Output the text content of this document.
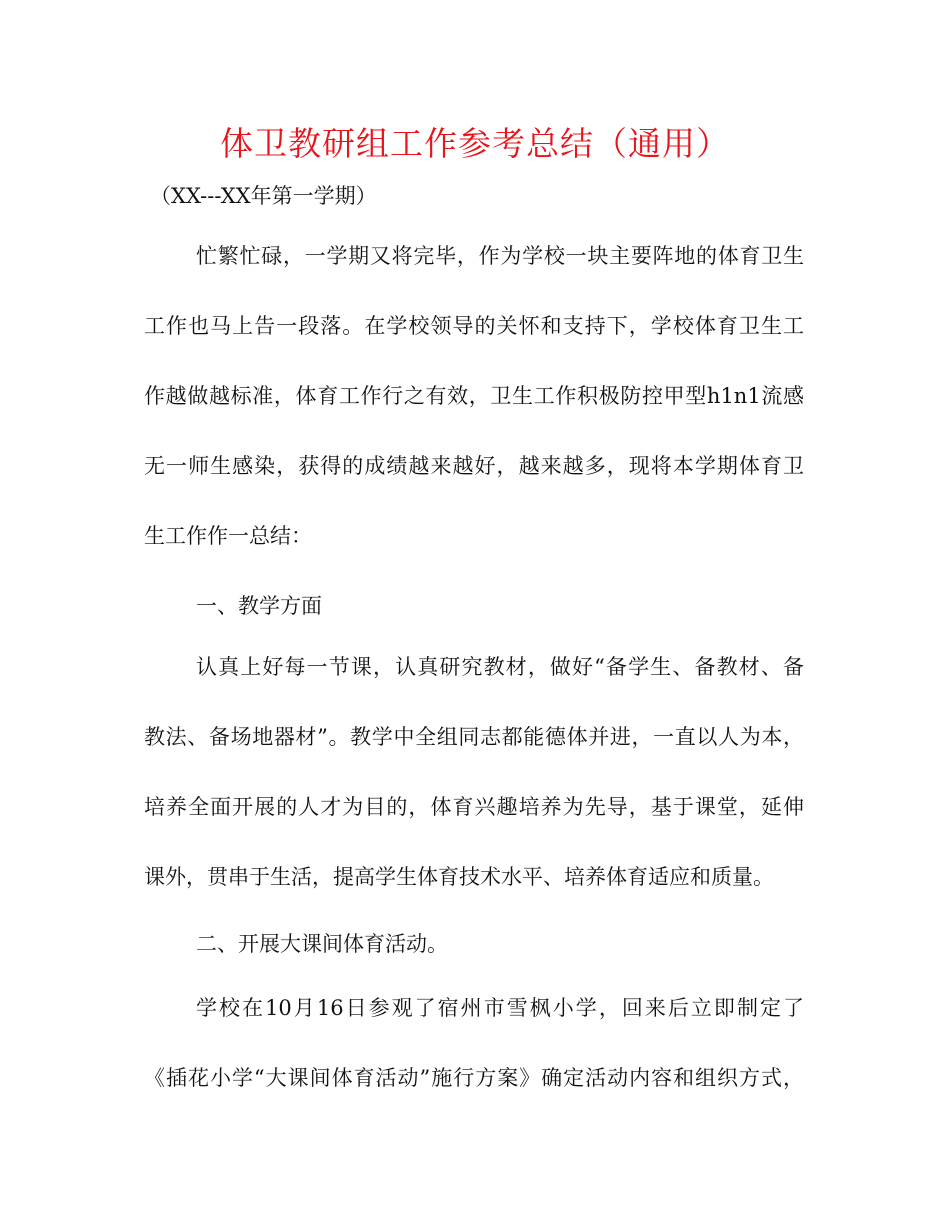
体卫教研组工作参考总结（通用）

（XX---XX年第一学期）

忙繁忙碌，一学期又将完毕，作为学校一块主要阵地的体育卫生

工作也马上告一段落。在学校领导的关怀和支持下，学校体育卫生工

作越做越标准，体育工作行之有效，卫生工作积极防控甲型h1n1流感

无一师生感染，获得的成绩越来越好，越来越多，现将本学期体育卫

生工作作一总结：

一、教学方面

认真上好每一节课，认真研究教材，做好“备学生、备教材、备

教法、备场地器材”。教学中全组同志都能德体并进，一直以人为本，

培养全面开展的人才为目的，体育兴趣培养为先导，基于课堂，延伸

课外，贯串于生活，提高学生体育技术水平、培养体育适应和质量。

二、开展大课间体育活动。

学校在10月16日参观了宿州市雪枫小学，回来后立即制定了

《插花小学“大课间体育活动”施行方案》确定活动内容和组织方式，
